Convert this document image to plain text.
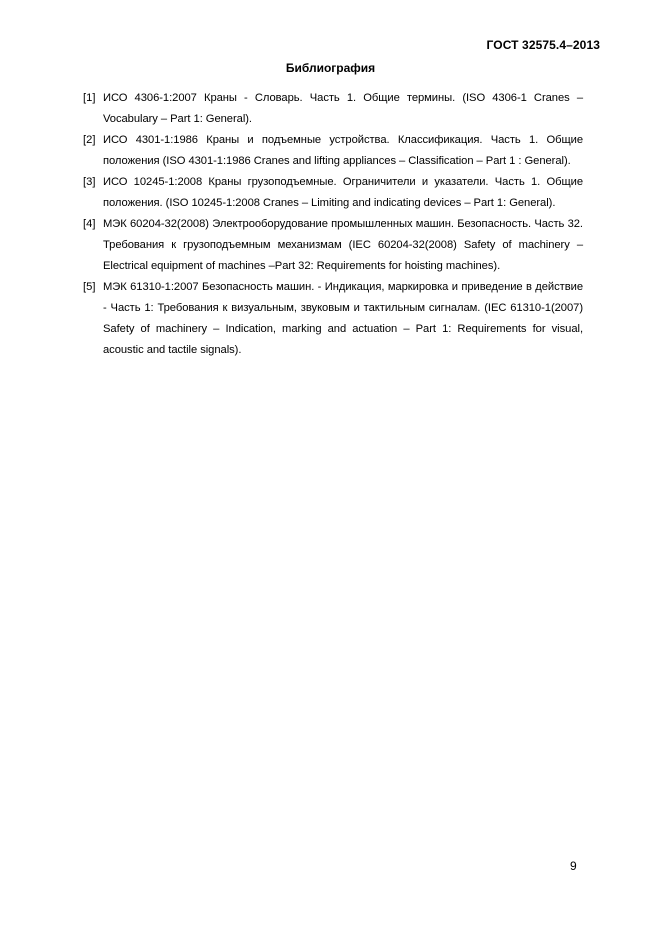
ГОСТ 32575.4–2013
Библиография
[1] ИСО 4306-1:2007 Краны - Словарь. Часть 1. Общие термины. (ISO 4306-1 Cranes – Vocabulary – Part 1: General).
[2] ИСО 4301-1:1986 Краны и подъемные устройства. Классификация. Часть 1. Общие положения (ISO 4301-1:1986 Cranes and lifting appliances – Classification – Part 1 : General).
[3] ИСО 10245-1:2008 Краны грузоподъемные. Ограничители и указатели. Часть 1. Общие положения. (ISO 10245-1:2008 Cranes – Limiting and indicating devices – Part 1: General).
[4] МЭК 60204-32(2008) Электрооборудование промышленных машин. Безопасность. Часть 32. Требования к грузоподъемным механизмам (IEC 60204-32(2008) Safety of machinery – Electrical equipment of machines –Part 32: Requirements for hoisting machines).
[5] МЭК 61310-1:2007 Безопасность машин. - Индикация, маркировка и приведение в действие - Часть 1: Требования к визуальным, звуковым и тактильным сигналам. (IEC 61310-1(2007) Safety of machinery – Indication, marking and actuation – Part 1: Requirements for visual, acoustic and tactile signals).
9
